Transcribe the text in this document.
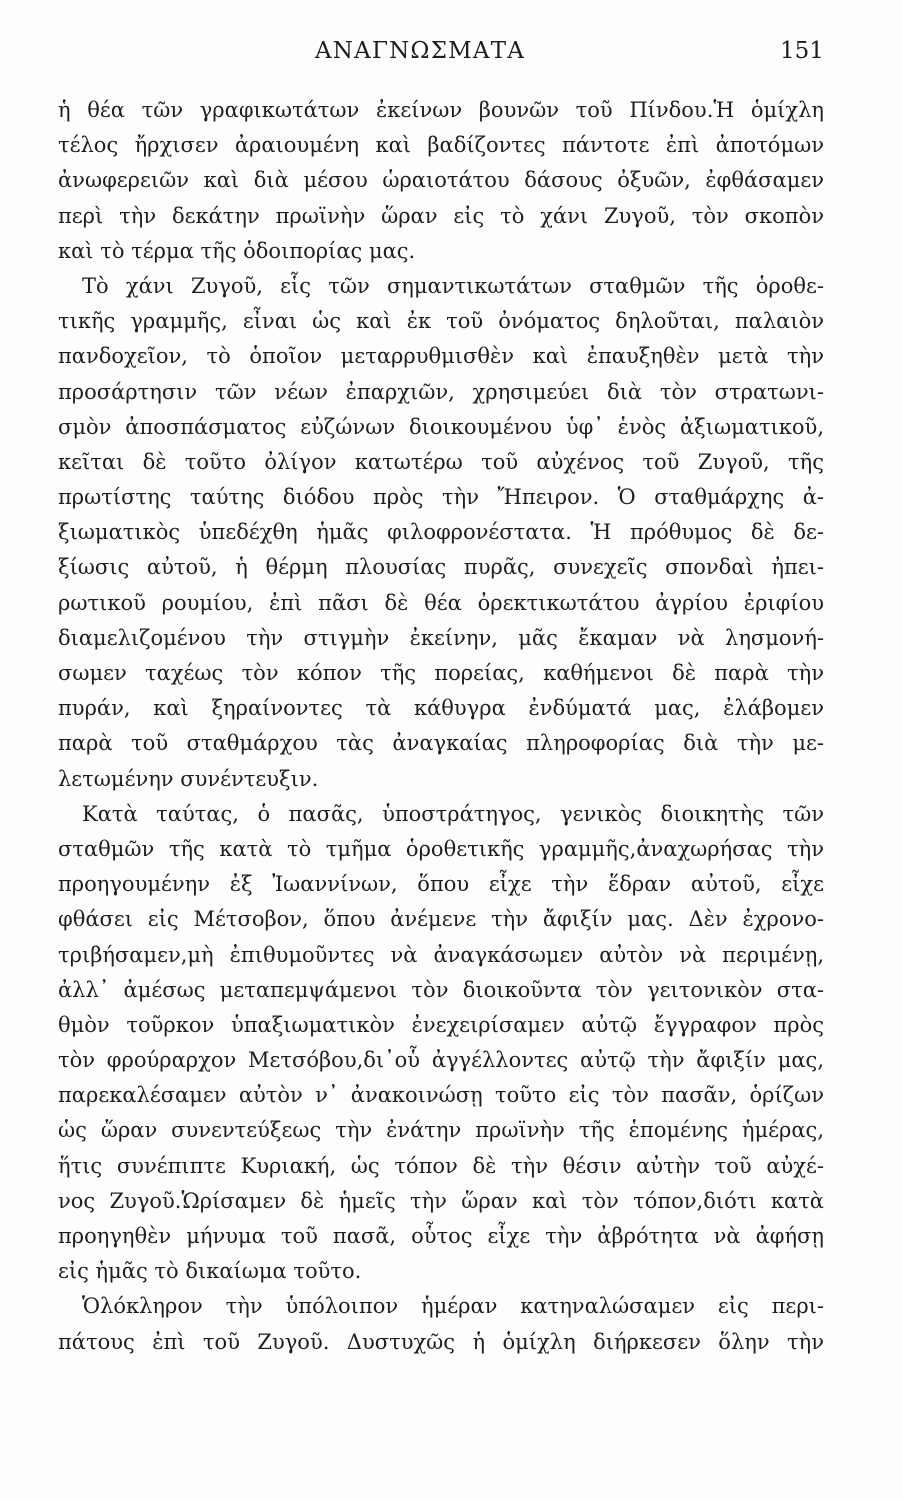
ΑΝΑΓΝΩΣΜΑΤΑ	151
ἡ θέα τῶν γραφικωτάτων ἐκείνων βουνῶν τοῦ Πίνδου.Ἡ ὁμίχλη
τέλος ἤρχισεν ἀραιουμένη καὶ βαδίζοντες πάντοτε ἐπὶ ἀποτόμων
ἀνωφερειῶν καὶ διὰ μέσου ὡραιοτάτου δάσους ὀξυῶν, ἐφθάσαμεν
περὶ τὴν δεκάτην πρωϊνὴν ὥραν εἰς τὸ χάνι Ζυγοῦ, τὸν σκοπὸν
καὶ τὸ τέρμα τῆς ὁδοιπορίας μας.
Τὸ χάνι Ζυγοῦ, εἷς τῶν σημαντικωτάτων σταθμῶν τῆς ὁροθε-
τικῆς γραμμῆς, εἶναι ὡς καὶ ἐκ τοῦ ὀνόματος δηλοῦται, παλαιὸν
πανδοχεῖον, τὸ ὁποῖον μεταρρυθμισθὲν καὶ ἐπαυξηθὲν μετὰ τὴν
προσάρτησιν τῶν νέων ἐπαρχιῶν, χρησιμεύει διὰ τὸν στρατωνι-
σμὸν ἀποσπάσματος εὐζώνων διοικουμένου ὑφ᾽ ἑνὸς ἀξιωματικοῦ,
κεῖται δὲ τοῦτο ὀλίγον κατωτέρω τοῦ αὐχένος τοῦ Ζυγοῦ, τῆς
πρωτίστης ταύτης διόδου πρὸς τὴν Ἤπειρον. Ὁ σταθμάρχης ἀ-
ξιωματικὸς ὑπεδέχθη ἡμᾶς φιλοφρονέστατα. Ἡ πρόθυμος δὲ δε-
ξίωσις αὐτοῦ, ἡ θέρμη πλουσίας πυρᾶς, συνεχεῖς σπονδαὶ ἠπει-
ρωτικοῦ ρουμίου, ἐπὶ πᾶσι δὲ θέα ὀρεκτικωτάτου ἀγρίου ἐριφίου
διαμελιζομένου τὴν στιγμὴν ἐκείνην, μᾶς ἔκαμαν νὰ λησμονή-
σωμεν ταχέως τὸν κόπον τῆς πορείας, καθήμενοι δὲ παρὰ τὴν
πυράν, καὶ ξηραίνοντες τὰ κάθυγρα ἐνδύματά μας, ἐλάβομεν
παρὰ τοῦ σταθμάρχου τὰς ἀναγκαίας πληροφορίας διὰ τὴν με-
λετωμένην συνέντευξιν.
Κατὰ ταύτας, ὁ πασᾶς, ὑποστράτηγος, γενικὸς διοικητὴς τῶν
σταθμῶν τῆς κατὰ τὸ τμῆμα ὁροθετικῆς γραμμῆς,ἀναχωρήσας τὴν
προηγουμένην ἐξ Ἰωαννίνων, ὅπου εἶχε τὴν ἕδραν αὐτοῦ, εἶχε
φθάσει εἰς Μέτσοβον, ὅπου ἀνέμενε τὴν ἄφιξίν μας. Δὲν ἐχρονο-
τριβήσαμεν,μὴ ἐπιθυμοῦντες νὰ ἀναγκάσωμεν αὐτὸν νὰ περιμένῃ,
ἀλλ᾽ ἀμέσως μεταπεμψάμενοι τὸν διοικοῦντα τὸν γειτονικὸν στα-
θμὸν τοῦρκον ὑπαξιωματικὸν ἐνεχειρίσαμεν αὐτῷ ἔγγραφον πρὸς
τὸν φρούραρχον Μετσόβου,δι᾽οὗ ἀγγέλλοντες αὐτῷ τὴν ἄφιξίν μας,
παρεκαλέσαμεν αὐτὸν ν᾽ ἀνακοινώσῃ τοῦτο εἰς τὸν πασᾶν, ὁρίζων
ὡς ὥραν συνεντεύξεως τὴν ἐνάτην πρωϊνὴν τῆς ἑπομένης ἡμέρας,
ἥτις συνέπιπτε Κυριακή, ὡς τόπον δὲ τὴν θέσιν αὐτὴν τοῦ αὐχέ-
νος Ζυγοῦ.Ὡρίσαμεν δὲ ἡμεῖς τὴν ὥραν καὶ τὸν τόπον,διότι κατὰ
προηγηθὲν μήνυμα τοῦ πασᾶ, οὗτος εἶχε τὴν ἀβρότητα νὰ ἀφήσῃ
εἰς ἡμᾶς τὸ δικαίωμα τοῦτο.
Ὁλόκληρον τὴν ὑπόλοιπον ἡμέραν κατηναλώσαμεν εἰς περι-
πάτους ἐπὶ τοῦ Ζυγοῦ. Δυστυχῶς ἡ ὁμίχλη διήρκεσεν ὅλην τὴν
